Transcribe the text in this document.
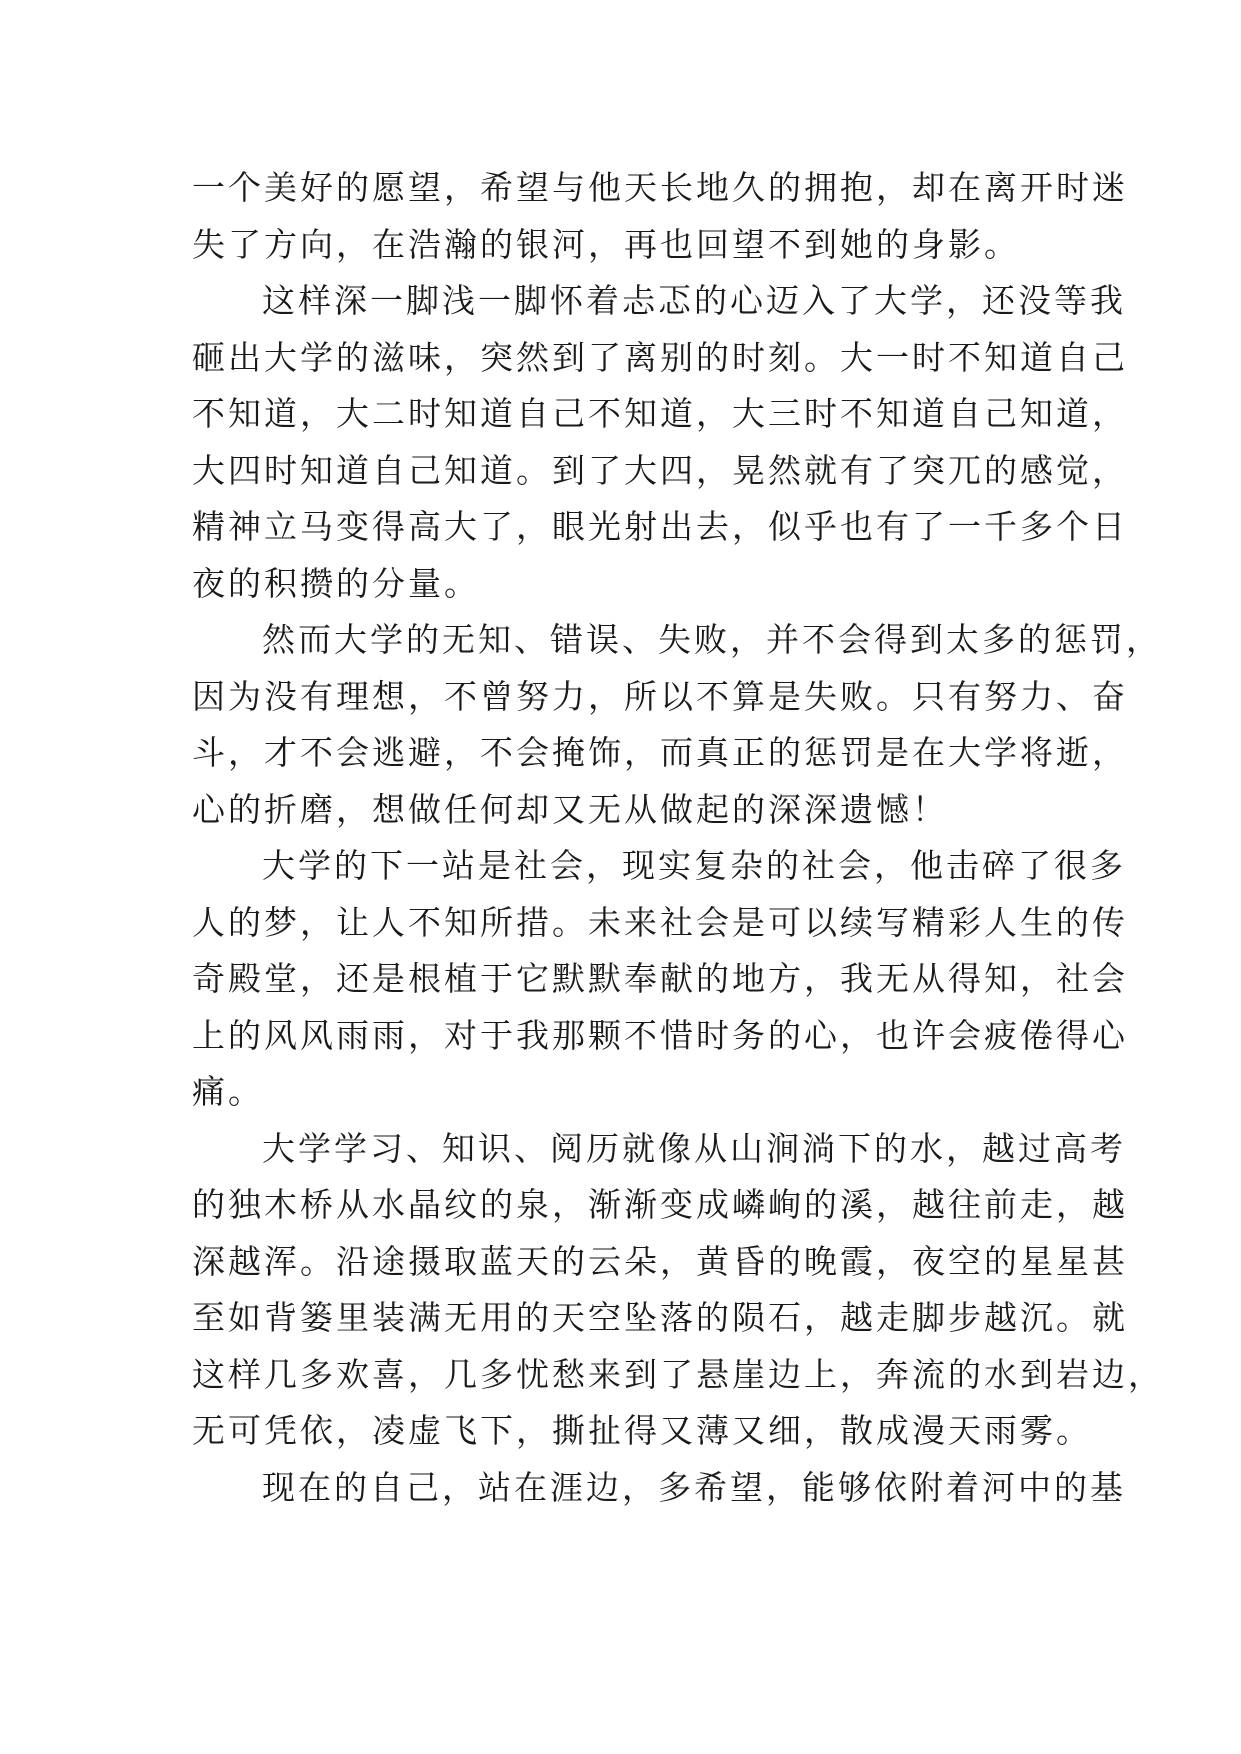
一个美好的愿望，希望与他天长地久的拥抱，却在离开时迷
失了方向，在浩瀚的银河，再也回望不到她的身影。
这样深一脚浅一脚怀着忐忑的心迈入了大学，还没等我
砸出大学的滋味，突然到了离别的时刻。大一时不知道自己
不知道，大二时知道自己不知道，大三时不知道自己知道，
大四时知道自己知道。到了大四，晃然就有了突兀的感觉，
精神立马变得高大了，眼光射出去，似乎也有了一千多个日
夜的积攒的分量。
然而大学的无知、错误、失败，并不会得到太多的惩罚，
因为没有理想，不曾努力，所以不算是失败。只有努力、奋
斗，才不会逃避，不会掩饰，而真正的惩罚是在大学将逝，
心的折磨，想做任何却又无从做起的深深遗憾！
大学的下一站是社会，现实复杂的社会，他击碎了很多
人的梦，让人不知所措。未来社会是可以续写精彩人生的传
奇殿堂，还是根植于它默默奉献的地方，我无从得知，社会
上的风风雨雨，对于我那颗不惜时务的心，也许会疲倦得心
痛。
大学学习、知识、阅历就像从山涧淌下的水，越过高考
的独木桥从水晶纹的泉，渐渐变成嶙峋的溪，越往前走，越
深越浑。沿途摄取蓝天的云朵，黄昏的晚霞，夜空的星星甚
至如背篓里装满无用的天空坠落的陨石，越走脚步越沉。就
这样几多欢喜，几多忧愁来到了悬崖边上，奔流的水到岩边，
无可凭依，凌虚飞下，撕扯得又薄又细，散成漫天雨雾。
现在的自己，站在涯边，多希望，能够依附着河中的基
